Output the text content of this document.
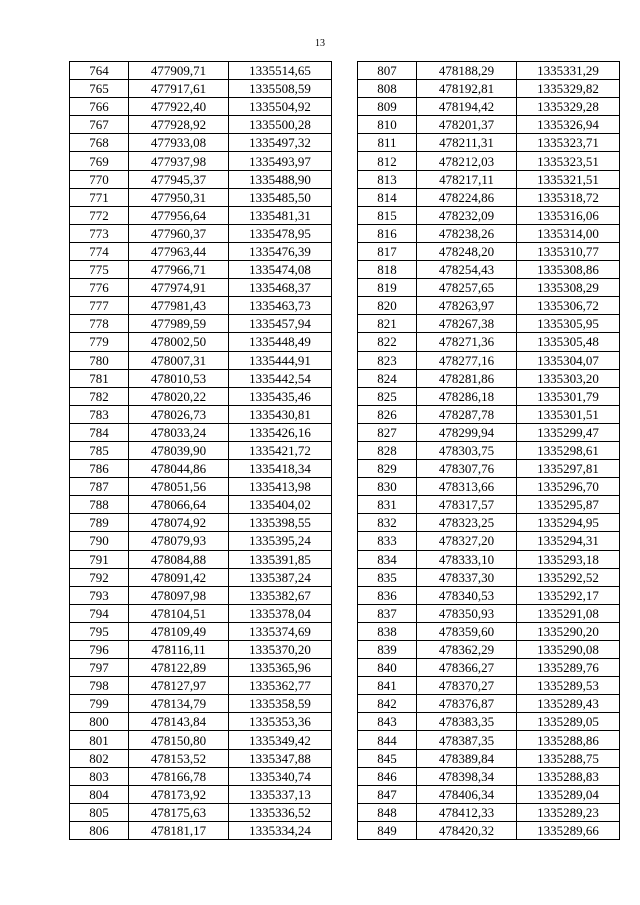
13
764	477909,71	1335514,65
765	477917,61	1335508,59
766	477922,40	1335504,92
767	477928,92	1335500,28
768	477933,08	1335497,32
769	477937,98	1335493,97
770	477945,37	1335488,90
771	477950,31	1335485,50
772	477956,64	1335481,31
773	477960,37	1335478,95
774	477963,44	1335476,39
775	477966,71	1335474,08
776	477974,91	1335468,37
777	477981,43	1335463,73
778	477989,59	1335457,94
779	478002,50	1335448,49
780	478007,31	1335444,91
781	478010,53	1335442,54
782	478020,22	1335435,46
783	478026,73	1335430,81
784	478033,24	1335426,16
785	478039,90	1335421,72
786	478044,86	1335418,34
787	478051,56	1335413,98
788	478066,64	1335404,02
789	478074,92	1335398,55
790	478079,93	1335395,24
791	478084,88	1335391,85
792	478091,42	1335387,24
793	478097,98	1335382,67
794	478104,51	1335378,04
795	478109,49	1335374,69
796	478116,11	1335370,20
797	478122,89	1335365,96
798	478127,97	1335362,77
799	478134,79	1335358,59
800	478143,84	1335353,36
801	478150,80	1335349,42
802	478153,52	1335347,88
803	478166,78	1335340,74
804	478173,92	1335337,13
805	478175,63	1335336,52
806	478181,17	1335334,24
807	478188,29	1335331,29
808	478192,81	1335329,82
809	478194,42	1335329,28
810	478201,37	1335326,94
811	478211,31	1335323,71
812	478212,03	1335323,51
813	478217,11	1335321,51
814	478224,86	1335318,72
815	478232,09	1335316,06
816	478238,26	1335314,00
817	478248,20	1335310,77
818	478254,43	1335308,86
819	478257,65	1335308,29
820	478263,97	1335306,72
821	478267,38	1335305,95
822	478271,36	1335305,48
823	478277,16	1335304,07
824	478281,86	1335303,20
825	478286,18	1335301,79
826	478287,78	1335301,51
827	478299,94	1335299,47
828	478303,75	1335298,61
829	478307,76	1335297,81
830	478313,66	1335296,70
831	478317,57	1335295,87
832	478323,25	1335294,95
833	478327,20	1335294,31
834	478333,10	1335293,18
835	478337,30	1335292,52
836	478340,53	1335292,17
837	478350,93	1335291,08
838	478359,60	1335290,20
839	478362,29	1335290,08
840	478366,27	1335289,76
841	478370,27	1335289,53
842	478376,87	1335289,43
843	478383,35	1335289,05
844	478387,35	1335288,86
845	478389,84	1335288,75
846	478398,34	1335288,83
847	478406,34	1335289,04
848	478412,33	1335289,23
849	478420,32	1335289,66
